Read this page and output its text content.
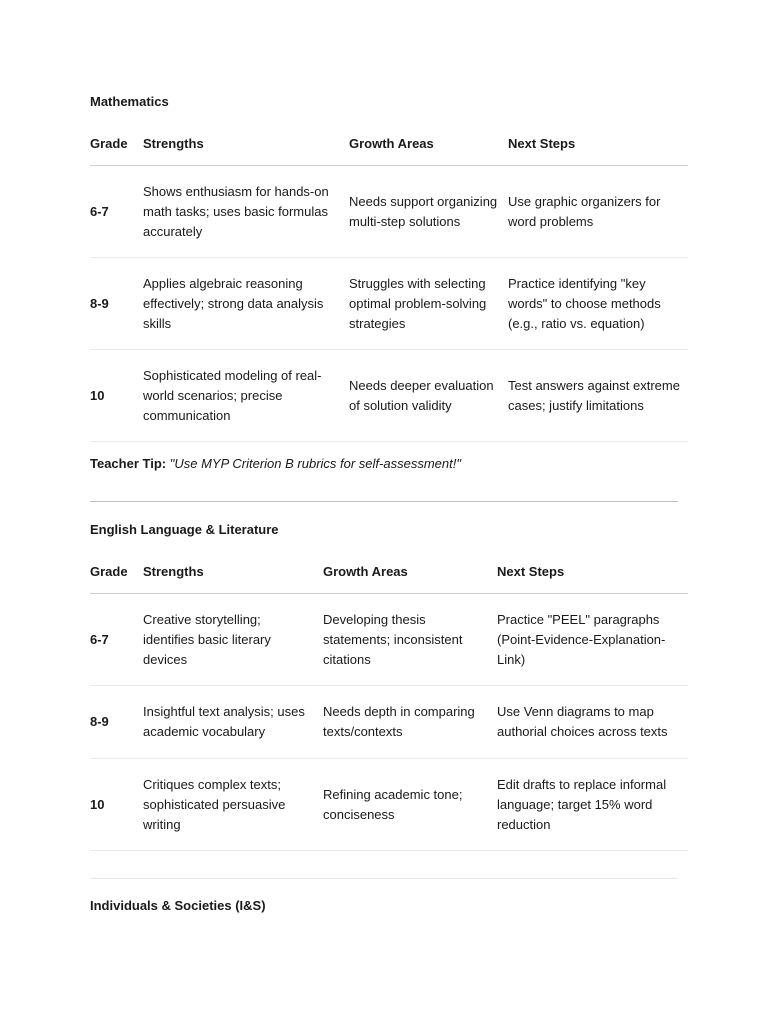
Mathematics
Grade	Strengths	Growth Areas	Next Steps
6-7	Shows enthusiasm for hands-on math tasks; uses basic formulas accurately	Needs support organizing multi-step solutions	Use graphic organizers for word problems
8-9	Applies algebraic reasoning effectively; strong data analysis skills	Struggles with selecting optimal problem-solving strategies	Practice identifying "key words" to choose methods (e.g., ratio vs. equation)
10	Sophisticated modeling of real-world scenarios; precise communication	Needs deeper evaluation of solution validity	Test answers against extreme cases; justify limitations
Teacher Tip: "Use MYP Criterion B rubrics for self-assessment!"
English Language & Literature
Grade	Strengths	Growth Areas	Next Steps
6-7	Creative storytelling; identifies basic literary devices	Developing thesis statements; inconsistent citations	Practice "PEEL" paragraphs (Point-Evidence-Explanation-Link)
8-9	Insightful text analysis; uses academic vocabulary	Needs depth in comparing texts/contexts	Use Venn diagrams to map authorial choices across texts
10	Critiques complex texts; sophisticated persuasive writing	Refining academic tone; conciseness	Edit drafts to replace informal language; target 15% word reduction
Individuals & Societies (I&S)
